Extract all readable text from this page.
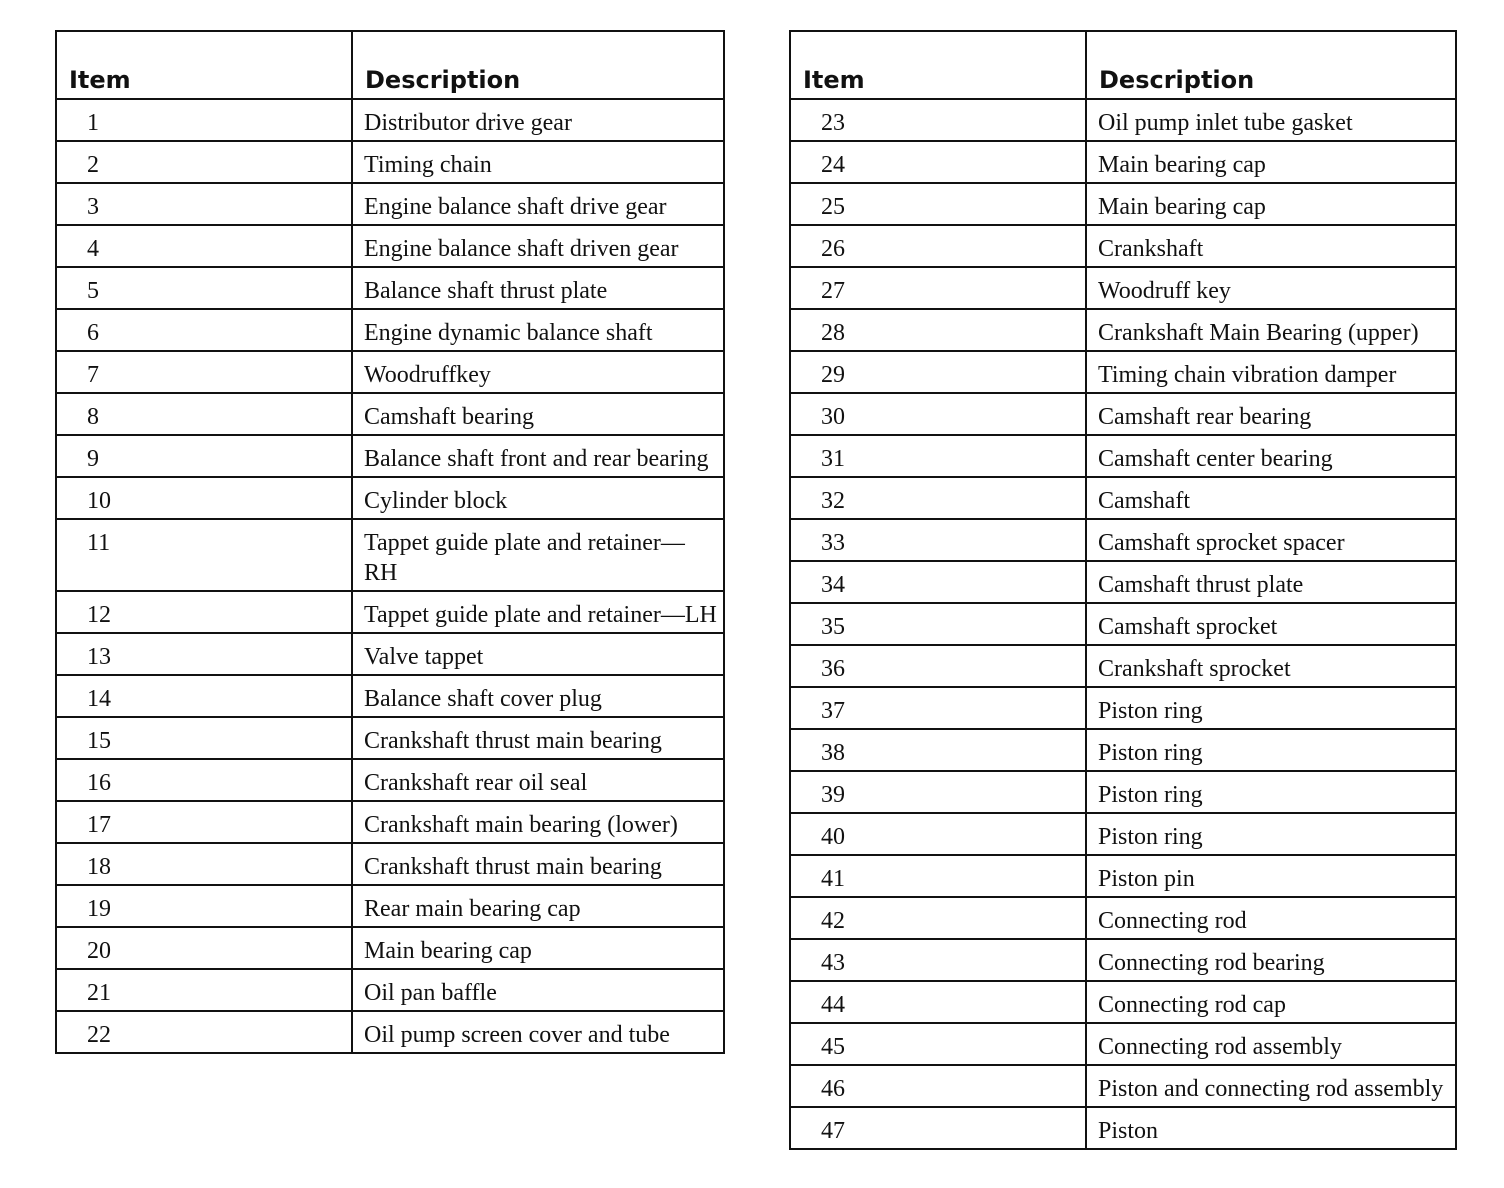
Item	Description
1	Distributor drive gear
2	Timing chain
3	Engine balance shaft drive gear
4	Engine balance shaft driven gear
5	Balance shaft thrust plate
6	Engine dynamic balance shaft
7	Woodruffkey
8	Camshaft bearing
9	Balance shaft front and rear bearing
10	Cylinder block
11	Tappet guide plate and retainer—RH
12	Tappet guide plate and retainer—LH
13	Valve tappet
14	Balance shaft cover plug
15	Crankshaft thrust main bearing
16	Crankshaft rear oil seal
17	Crankshaft main bearing (lower)
18	Crankshaft thrust main bearing
19	Rear main bearing cap
20	Main bearing cap
21	Oil pan baffle
22	Oil pump screen cover and tube
Item	Description
23	Oil pump inlet tube gasket
24	Main bearing cap
25	Main bearing cap
26	Crankshaft
27	Woodruff key
28	Crankshaft Main Bearing (upper)
29	Timing chain vibration damper
30	Camshaft rear bearing
31	Camshaft center bearing
32	Camshaft
33	Camshaft sprocket spacer
34	Camshaft thrust plate
35	Camshaft sprocket
36	Crankshaft sprocket
37	Piston ring
38	Piston ring
39	Piston ring
40	Piston ring
41	Piston pin
42	Connecting rod
43	Connecting rod bearing
44	Connecting rod cap
45	Connecting rod assembly
46	Piston and connecting rod assembly
47	Piston
